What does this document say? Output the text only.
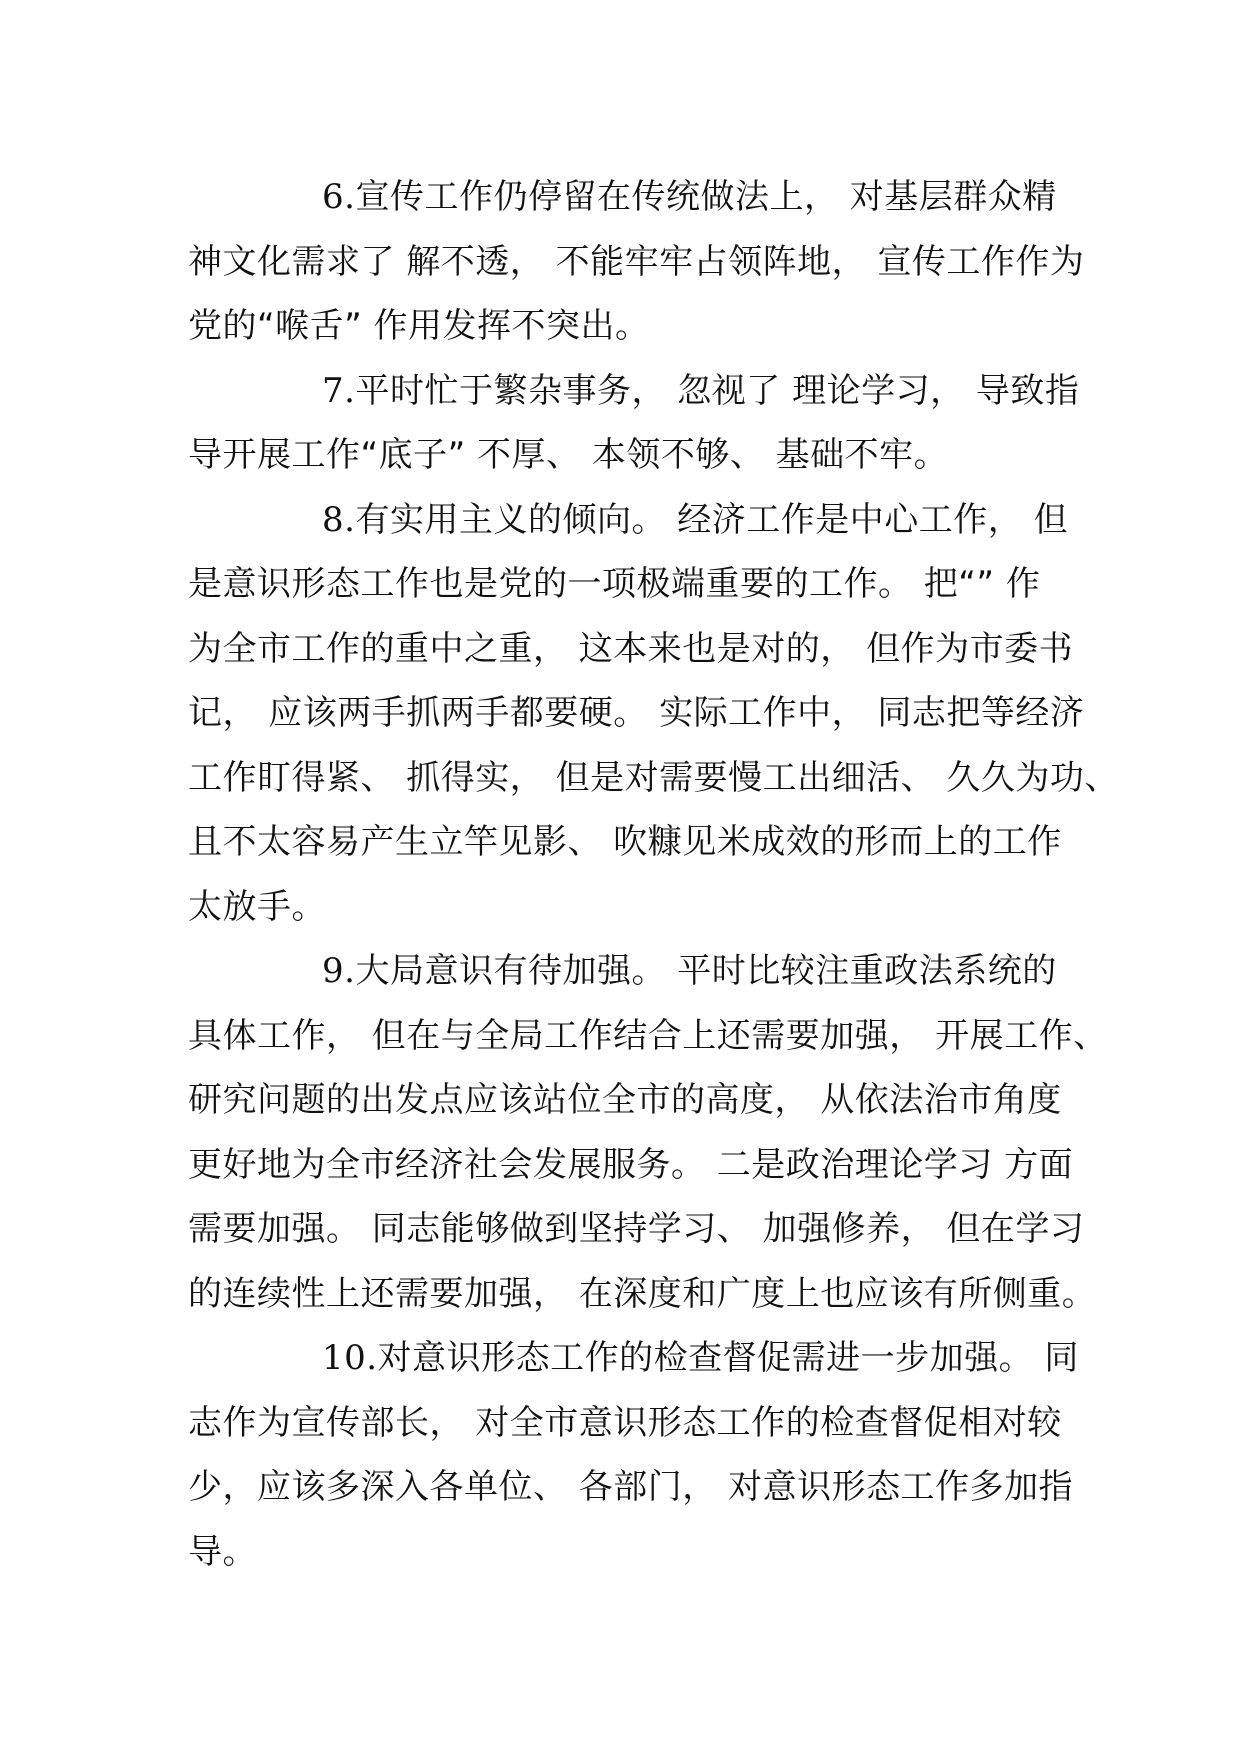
6.宣传工作仍停留在传统做法上， 对基层群众精
神文化需求了 解不透， 不能牢牢占领阵地， 宣传工作作为
党的“喉舌” 作用发挥不突出。
7.平时忙于繁杂事务， 忽视了 理论学习， 导致指
导开展工作“底子” 不厚、 本领不够、 基础不牢。
8.有实用主义的倾向。 经济工作是中心工作， 但
是意识形态工作也是党的一项极端重要的工作。 把“” 作
为全市工作的重中之重， 这本来也是对的， 但作为市委书
记， 应该两手抓两手都要硬。 实际工作中， 同志把等经济
工作盯得紧、 抓得实， 但是对需要慢工出细活、 久久为功、
且不太容易产生立竿见影、 吹糠见米成效的形而上的工作
太放手。
9.大局意识有待加强。 平时比较注重政法系统的
具体工作， 但在与全局工作结合上还需要加强， 开展工作、
研究问题的出发点应该站位全市的高度， 从依法治市角度
更好地为全市经济社会发展服务。 二是政治理论学习 方面
需要加强。 同志能够做到坚持学习、 加强修养， 但在学习
的连续性上还需要加强， 在深度和广度上也应该有所侧重。
10.对意识形态工作的检查督促需进一步加强。 同
志作为宣传部长， 对全市意识形态工作的检查督促相对较
少，应该多深入各单位、 各部门， 对意识形态工作多加指
导。
